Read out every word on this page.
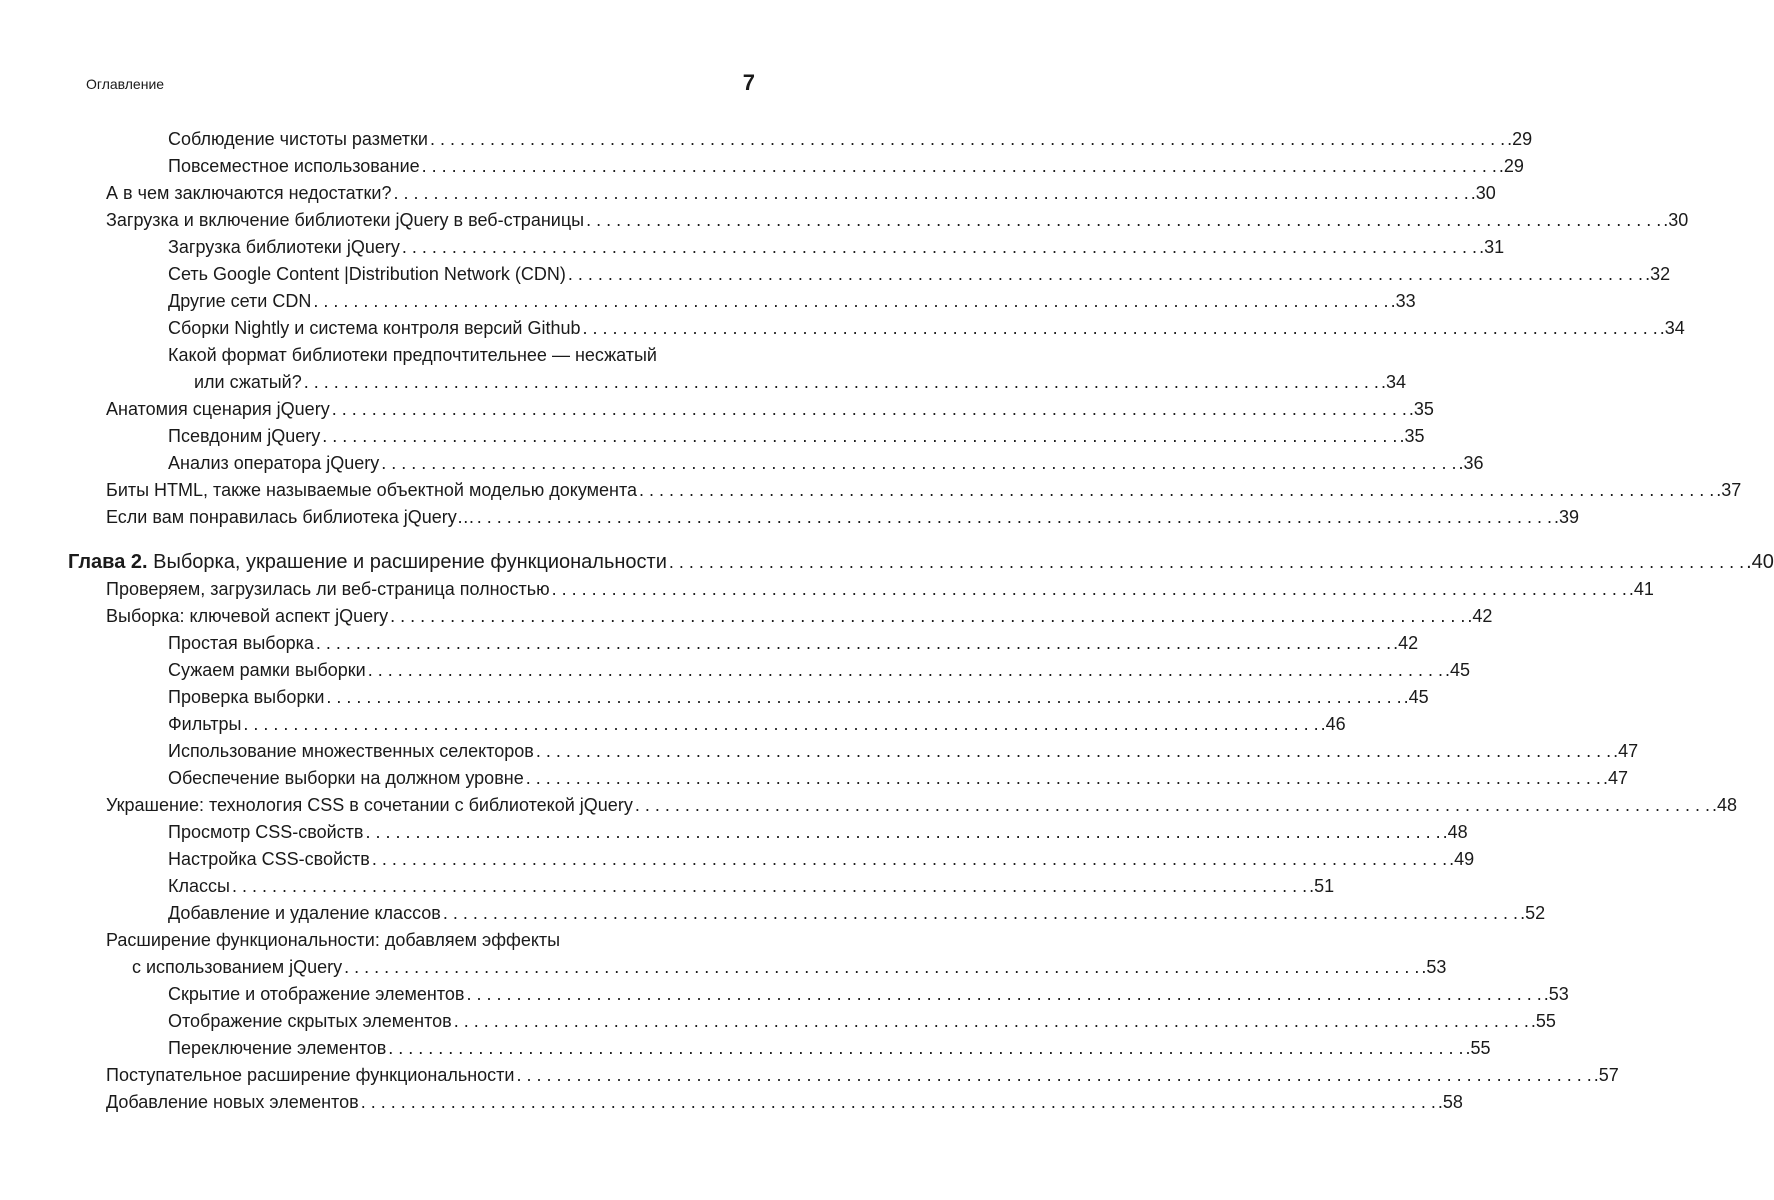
Оглавление	7
Соблюдение чистоты разметки . . .	.29
Повсеместное использование . . .	.29
А в чем заключаются недостатки? . . .	.30
Загрузка и включение библиотеки jQuery в веб-страницы . . .	.30
Загрузка библиотеки jQuery . . .	.31
Сеть Google Content |Distribution Network (CDN) . . .	.32
Другие сети CDN . . .	.33
Сборки Nightly и система контроля версий Github . . .	.34
Какой формат библиотеки предпочтительнее — несжатый
или сжатый? . . .	.34
Анатомия сценария jQuery . . .	.35
Псевдоним jQuery . . .	.35
Анализ оператора jQuery . . .	.36
Биты HTML, также называемые объектной моделью документа . . .	.37
Если вам понравилась библиотека jQuery… . . .	.39
Глава 2. Выборка, украшение и расширение функциональности . . .	.40
Проверяем, загрузилась ли веб-страница полностью . . .	.41
Выборка: ключевой аспект jQuery . . .	.42
Простая выборка . . .	.42
Сужаем рамки выборки . . .	.45
Проверка выборки . . .	.45
Фильтры . . .	.46
Использование множественных селекторов . . .	.47
Обеспечение выборки на должном уровне . . .	.47
Украшение: технология CSS в сочетании с библиотекой jQuery . . .	.48
Просмотр CSS-свойств . . .	.48
Настройка CSS-свойств . . .	.49
Классы . . .	.51
Добавление и удаление классов . . .	.52
Расширение функциональности: добавляем эффекты
с использованием jQuery . . .	.53
Скрытие и отображение элементов . . .	.53
Отображение скрытых элементов . . .	.55
Переключение элементов . . .	.55
Поступательное расширение функциональности . . .	.57
Добавление новых элементов . . .	.58
